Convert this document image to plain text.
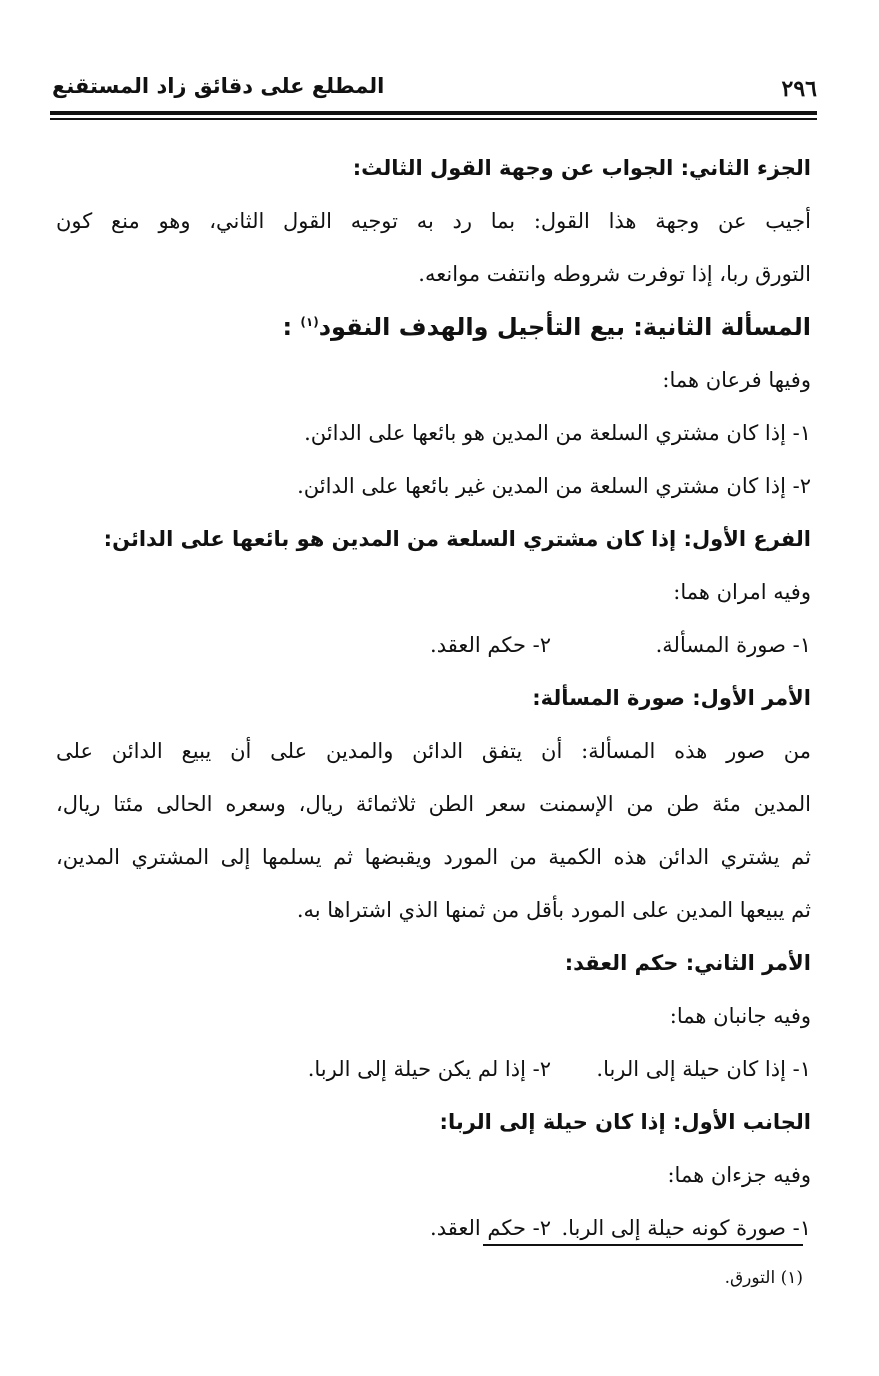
٢٩٦
المطلع على دقائق زاد المستقنع
الجزء الثاني: الجواب عن وجهة القول الثالث:
أجيب عن وجهة هذا القول: بما رد به توجيه القول الثاني، وهو منع كون
التورق ربا، إذا توفرت شروطه وانتفت موانعه.
المسألة الثانية: بيع التأجيل والهدف النقود$^{(١)}$ :
وفيها فرعان هما:
١- إذا كان مشتري السلعة من المدين هو بائعها على الدائن.
٢- إذا كان مشتري السلعة من المدين غير بائعها على الدائن.
الفرع الأول: إذا كان مشتري السلعة من المدين هو بائعها على الدائن:
وفيه امران هما:
١- صورة المسألة.
٢- حكم العقد.
الأمر الأول: صورة المسألة:
من صور هذه المسألة: أن يتفق الدائن والمدين على أن يبيع الدائن على
المدين مئة طن من الإسمنت سعر الطن ثلاثمائة ريال، وسعره الحالى مئتا ريال،
ثم يشتري الدائن هذه الكمية من المورد ويقبضها ثم يسلمها إلى المشتري المدين،
ثم يبيعها المدين على المورد بأقل من ثمنها الذي اشتراها به.
الأمر الثاني: حكم العقد:
وفيه جانبان هما:
١- إذا كان حيلة إلى الربا.
٢- إذا لم يكن حيلة إلى الربا.
الجانب الأول: إذا كان حيلة إلى الربا:
وفيه جزءان هما:
١- صورة كونه حيلة إلى الربا.
٢- حكم العقد.
(١) التورق.
